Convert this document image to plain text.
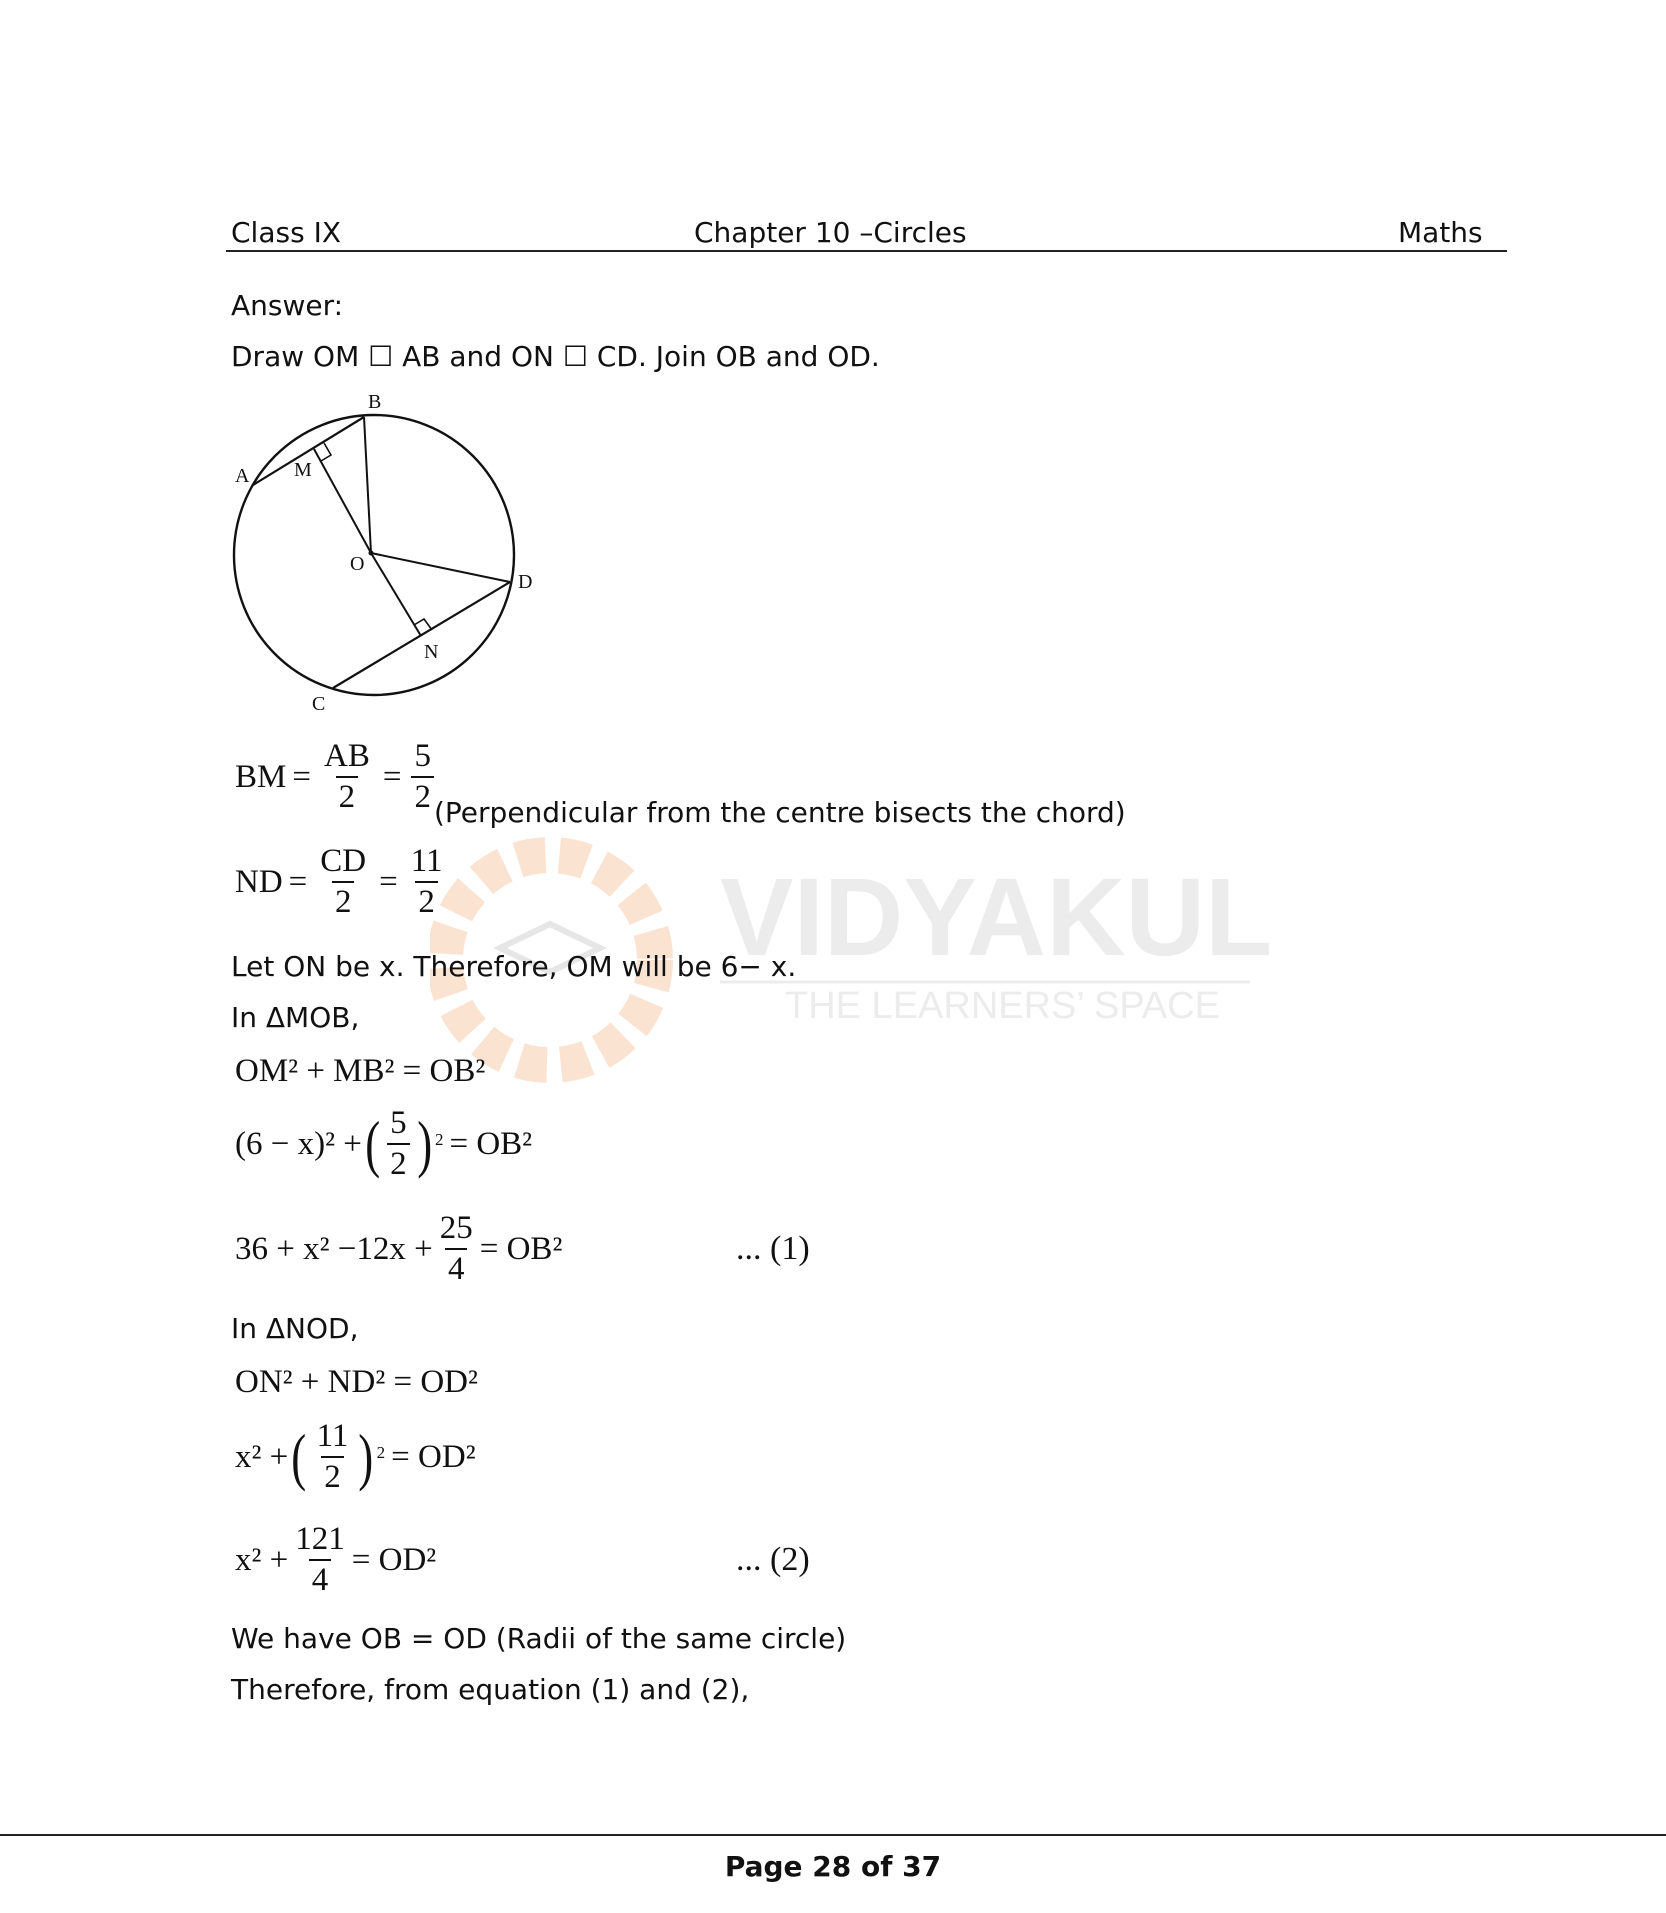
Class IX	Chapter 10 –Circles	Maths
VIDYAKUL
THE LEARNERS’ SPACE
Answer:
Draw OM ☐ AB and ON ☐ CD. Join OB and OD.
B
A M
O
D
N
C
BM = $\frac{AB}{2} = \frac{5}{2}$ (Perpendicular from the centre bisects the chord)
ND = $\frac{CD}{2} = \frac{11}{2}$
Let ON be x. Therefore, OM will be 6− x.
In ΔMOB,
OM² + MB² = OB²
(6 − x)² + ( $\frac{5}{2} )^2 = OB^2$
$36 + x^2 -12x + \frac{25}{4} = OB^2$	... (1)
In ΔNOD,
ON² + ND² = OD²
x² + ( $\frac{11}{2} )^2 = OD^2$
$x^2 + \frac{121}{4} = OD^2$	... (2)
We have OB = OD (Radii of the same circle)
Therefore, from equation (1) and (2),
Page 28 of 37
